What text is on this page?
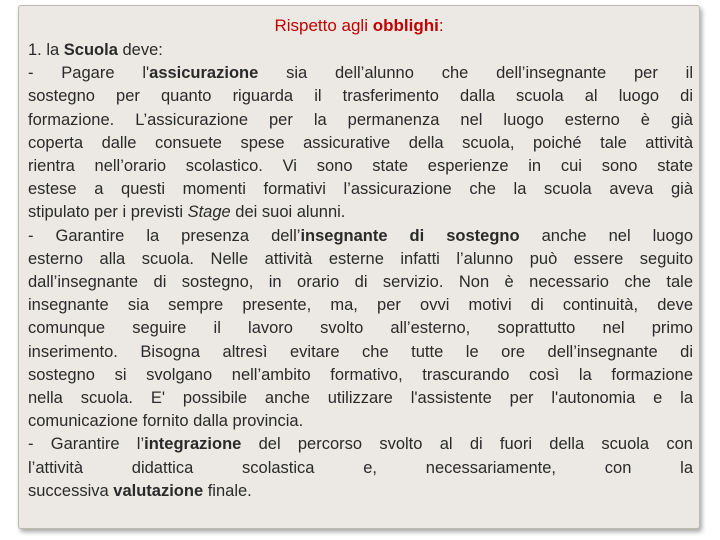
Rispetto agli obblighi:
1. la Scuola deve:
- Pagare l'assicurazione sia dell’alunno che dell’insegnante per il
sostegno per quanto riguarda il trasferimento dalla scuola al luogo di
formazione. L’assicurazione per la permanenza nel luogo esterno è già
coperta dalle consuete spese assicurative della scuola, poiché tale attività
rientra nell’orario scolastico. Vi sono state esperienze in cui sono state
estese a questi momenti formativi l’assicurazione che la scuola aveva già
stipulato per i previsti Stage dei suoi alunni.
- Garantire la presenza dell’insegnante di sostegno anche nel luogo
esterno alla scuola. Nelle attività esterne infatti l’alunno può essere seguito
dall’insegnante di sostegno, in orario di servizio. Non è necessario che tale
insegnante sia sempre presente, ma, per ovvi motivi di continuità, deve
comunque seguire il lavoro svolto all’esterno, soprattutto nel primo
inserimento. Bisogna altresì evitare che tutte le ore dell’insegnante di
sostegno si svolgano nell’ambito formativo, trascurando così la formazione
nella scuola. E' possibile anche utilizzare l'assistente per l'autonomia e la
comunicazione fornito dalla provincia.
- Garantire l’integrazione del percorso svolto al di fuori della scuola con
l’attività didattica scolastica e, necessariamente, con la
successiva valutazione finale.
